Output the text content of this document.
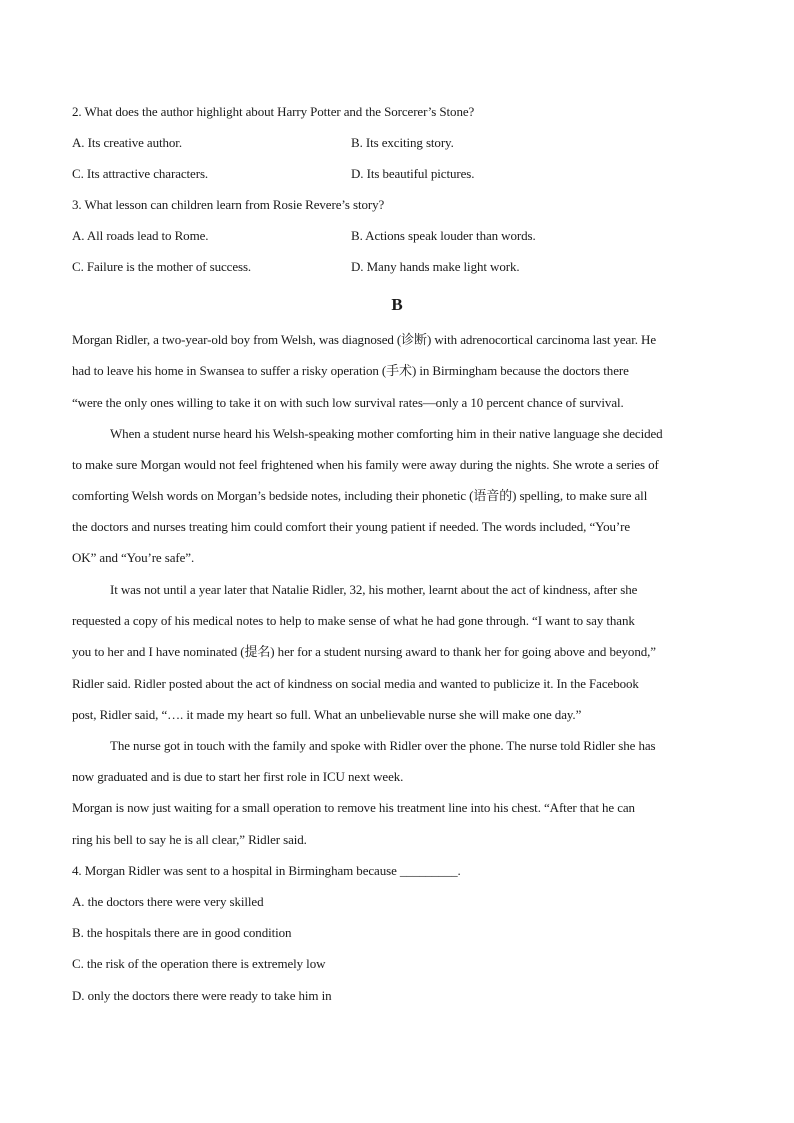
2. What does the author highlight about Harry Potter and the Sorcerer’s Stone?
A. Its creative author.	B. Its exciting story.
C. Its attractive characters.	D. Its beautiful pictures.
3. What lesson can children learn from Rosie Revere’s story?
A. All roads lead to Rome.	B. Actions speak louder than words.
C. Failure is the mother of success.	D. Many hands make light work.
B
Morgan Ridler, a two-year-old boy from Welsh, was diagnosed (诊断) with adrenocortical carcinoma last year. He
had to leave his home in Swansea to suffer a risky operation (手术) in Birmingham because the doctors there
“were the only ones willing to take it on with such low survival rates—only a 10 percent chance of survival.
When a student nurse heard his Welsh-speaking mother comforting him in their native language she decided
to make sure Morgan would not feel frightened when his family were away during the nights. She wrote a series of
comforting Welsh words on Morgan’s bedside notes, including their phonetic (语音的) spelling, to make sure all
the doctors and nurses treating him could comfort their young patient if needed. The words included, “You’re
OK” and “You’re safe”.
It was not until a year later that Natalie Ridler, 32, his mother, learnt about the act of kindness, after she
requested a copy of his medical notes to help to make sense of what he had gone through. “I want to say thank
you to her and I have nominated (提名) her for a student nursing award to thank her for going above and beyond,”
Ridler said. Ridler posted about the act of kindness on social media and wanted to publicize it. In the Facebook
post, Ridler said, “…. it made my heart so full. What an unbelievable nurse she will make one day.”
The nurse got in touch with the family and spoke with Ridler over the phone. The nurse told Ridler she has
now graduated and is due to start her first role in ICU next week.
Morgan is now just waiting for a small operation to remove his treatment line into his chest. “After that he can
ring his bell to say he is all clear,” Ridler said.
4. Morgan Ridler was sent to a hospital in Birmingham because _________.
A. the doctors there were very skilled
B. the hospitals there are in good condition
C. the risk of the operation there is extremely low
D. only the doctors there were ready to take him in
